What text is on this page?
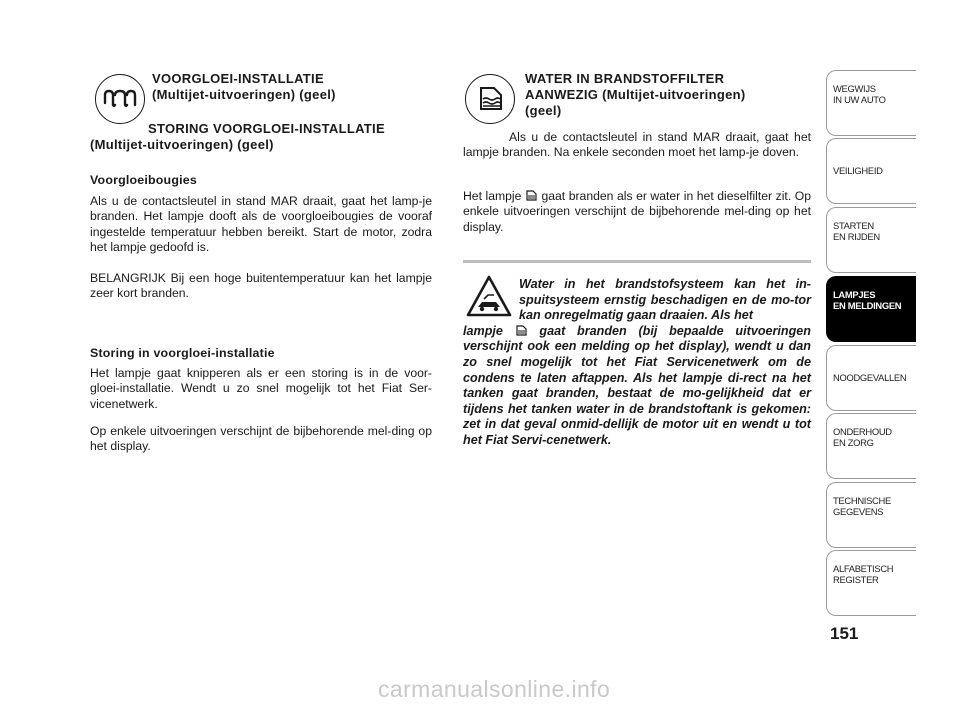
VOORGLOEI-INSTALLATIE
(Multijet-uitvoeringen) (geel)
STORING VOORGLOEI-INSTALLATIE
(Multijet-uitvoeringen) (geel)
Voorgloeibougies

Als u de contactsleutel in stand MAR draait, gaat het lamp-je branden. Het lampje dooft als de voorgloeibougies de vooraf ingestelde temperatuur hebben bereikt. Start de motor, zodra het lampje gedoofd is.

BELANGRIJK Bij een hoge buitentemperatuur kan het lampje zeer kort branden.

Storing in voorgloei-installatie

Het lampje gaat knipperen als er een storing is in de voor-gloei-installatie. Wendt u zo snel mogelijk tot het Fiat Ser-vicenetwerk.

Op enkele uitvoeringen verschijnt de bijbehorende mel-ding op het display.

WATER IN BRANDSTOFFILTER
AANWEZIG (Multijet-uitvoeringen)
(geel)

Als u de contactsleutel in stand MAR draait, gaat het lampje branden. Na enkele seconden moet het lamp-je doven.

Het lampje gaat branden als er water in het dieselfilter zit. Op enkele uitvoeringen verschijnt de bijbehorende mel-ding op het display.

Water in het brandstofsysteem kan het in-spuitsysteem ernstig beschadigen en de mo-tor kan onregelmatig gaan draaien. Als het
lampje	gaat branden (bij bepaalde uitvoeringen verschijnt ook een melding op het display), wendt u dan zo snel mogelijk tot het Fiat Servicenetwerk om de condens te laten aftappen. Als het lampje di-rect na het tanken gaat branden, bestaat de mo-gelijkheid dat er tijdens het tanken water in de brandstoftank is gekomen: zet in dat geval onmid-dellijk de motor uit en wendt u tot het Fiat Servi-cenetwerk.
WEGWIJS
IN UW AUTO
VEILIGHEID
STARTEN
EN RIJDEN
LAMPJES
EN MELDINGEN
NOODGEVALLEN
ONDERHOUD
EN ZORG
TECHNISCHE
GEGEVENS
ALFABETISCH
REGISTER
151
carmanualsonline.info
